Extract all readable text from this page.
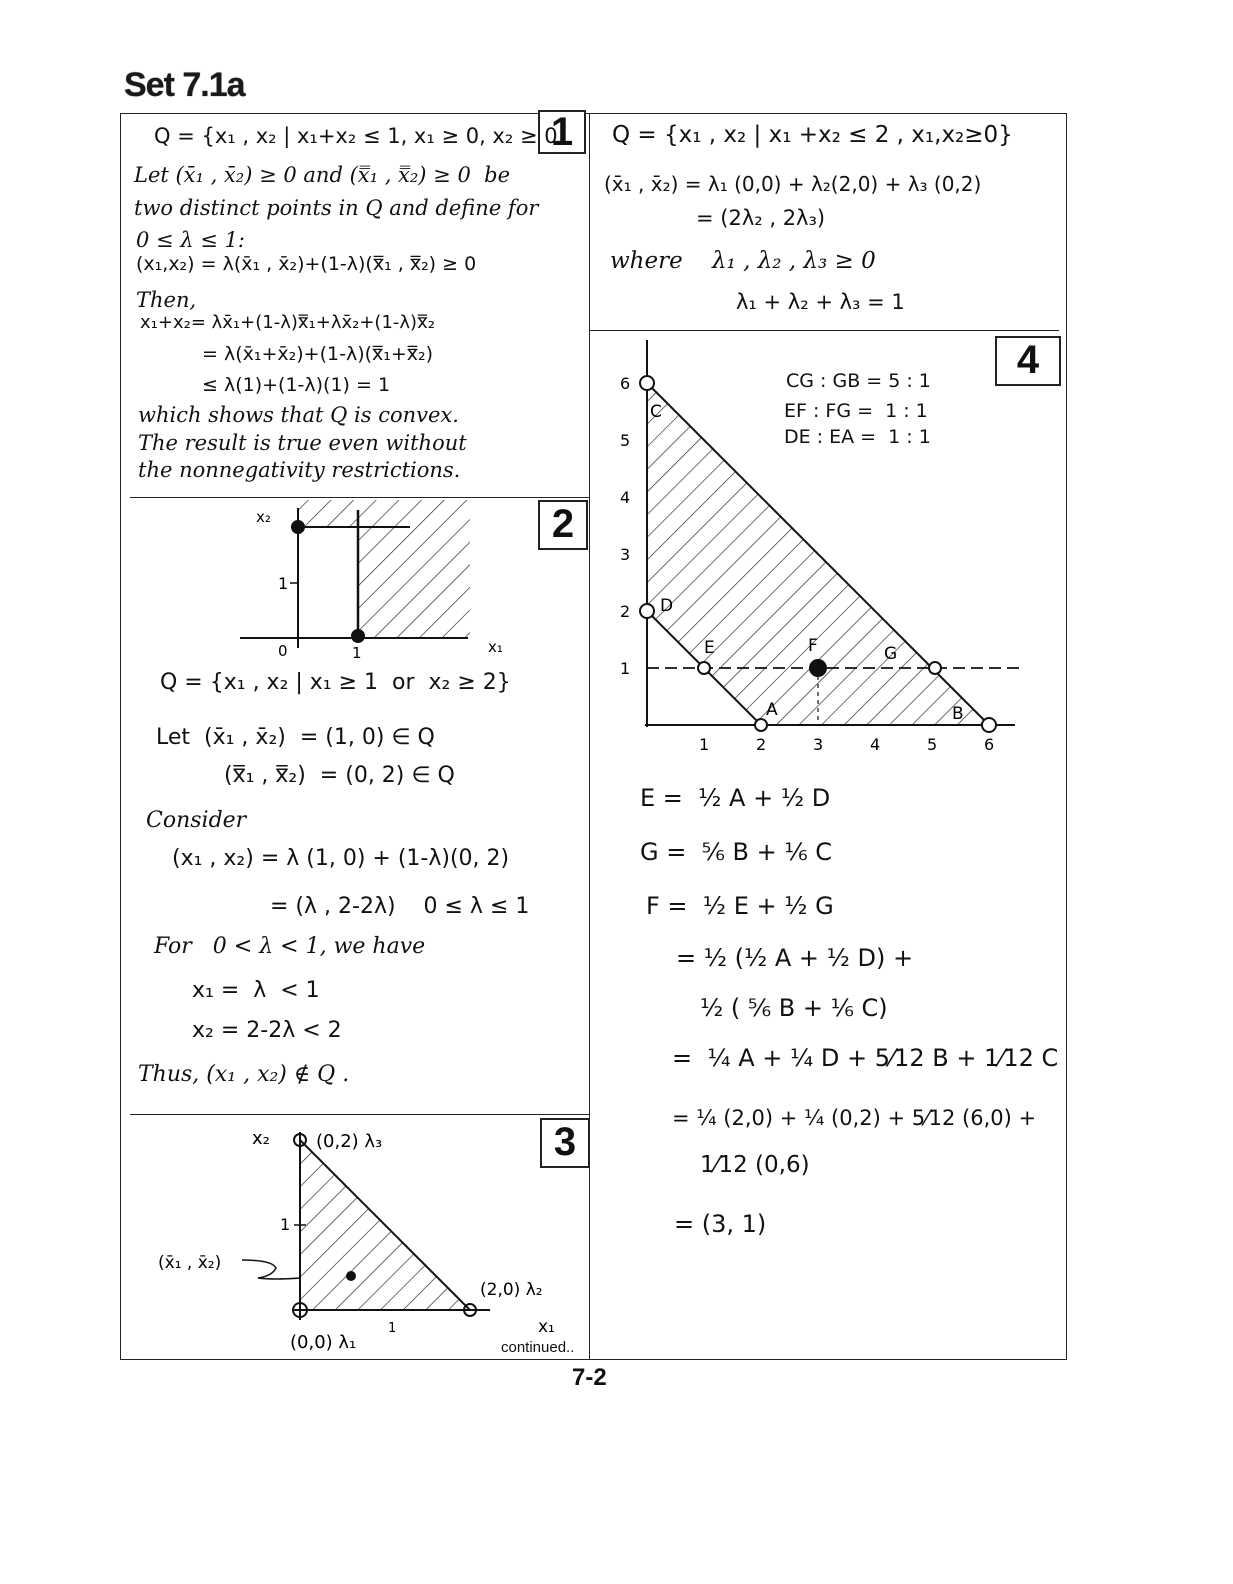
Set 7.1a
1
Q = {x₁ , x₂ | x₁+x₂ ≤ 1, x₁ ≥ 0, x₂ ≥ 0
Let (x̄₁ , x̄₂) ≥ 0 and (x̿₁ , x̿₂) ≥ 0  be
two distinct points in Q and define for
0 ≤ λ ≤ 1:
(x₁,x₂) = λ(x̄₁ , x̄₂)+(1-λ)(x̿₁ , x̿₂) ≥ 0
Then,
x₁+x₂= λx̄₁+(1-λ)x̿₁+λx̄₂+(1-λ)x̿₂
= λ(x̄₁+x̄₂)+(1-λ)(x̿₁+x̿₂)
≤ λ(1)+(1-λ)(1) = 1
which shows that Q is convex.
The result is true even without
the nonnegativity restrictions.
2
x₂
1
0	1	x₁
Q = {x₁ , x₂ | x₁ ≥ 1  or  x₂ ≥ 2}
Let  (x̄₁ , x̄₂)  = (1, 0) ∈ Q
(x̿₁ , x̿₂)  = (0, 2) ∈ Q
Consider
(x₁ , x₂) = λ (1, 0) + (1-λ)(0, 2)
= (λ , 2-2λ)    0 ≤ λ ≤ 1
For   0 < λ < 1, we have
x₁ =  λ  < 1
x₂ = 2-2λ < 2
Thus, (x₁ , x₂) ∉ Q .
3
x₂	(0,2) λ₃
1
(x̄₁ , x̄₂)
(2,0) λ₂
(0,0) λ₁
1	x₁
continued..
Q = {x₁ , x₂ | x₁ +x₂ ≤ 2 , x₁,x₂≥0}
(x̄₁ , x̄₂) = λ₁ (0,0) + λ₂(2,0) + λ₃ (0,2)
= (2λ₂ , 2λ₃)
where    λ₁ , λ₂ , λ₃ ≥ 0
λ₁ + λ₂ + λ₃ = 1
4
CG : GB = 5 : 1
EF : FG =  1 : 1
DE : EA =  1 : 1
1	2	3	4	5	6
1
2
3
4
5
6
C
D
E	F	G
A	B
E =  ½ A + ½ D
G =  ⅚ B + ⅙ C
F =  ½ E + ½ G
= ½ (½ A + ½ D) +
½ ( ⅚ B + ⅙ C)
=  ¼ A + ¼ D + 5⁄12 B + 1⁄12 C
= ¼ (2,0) + ¼ (0,2) + 5⁄12 (6,0) +
1⁄12 (0,6)
= (3, 1)
7-2
